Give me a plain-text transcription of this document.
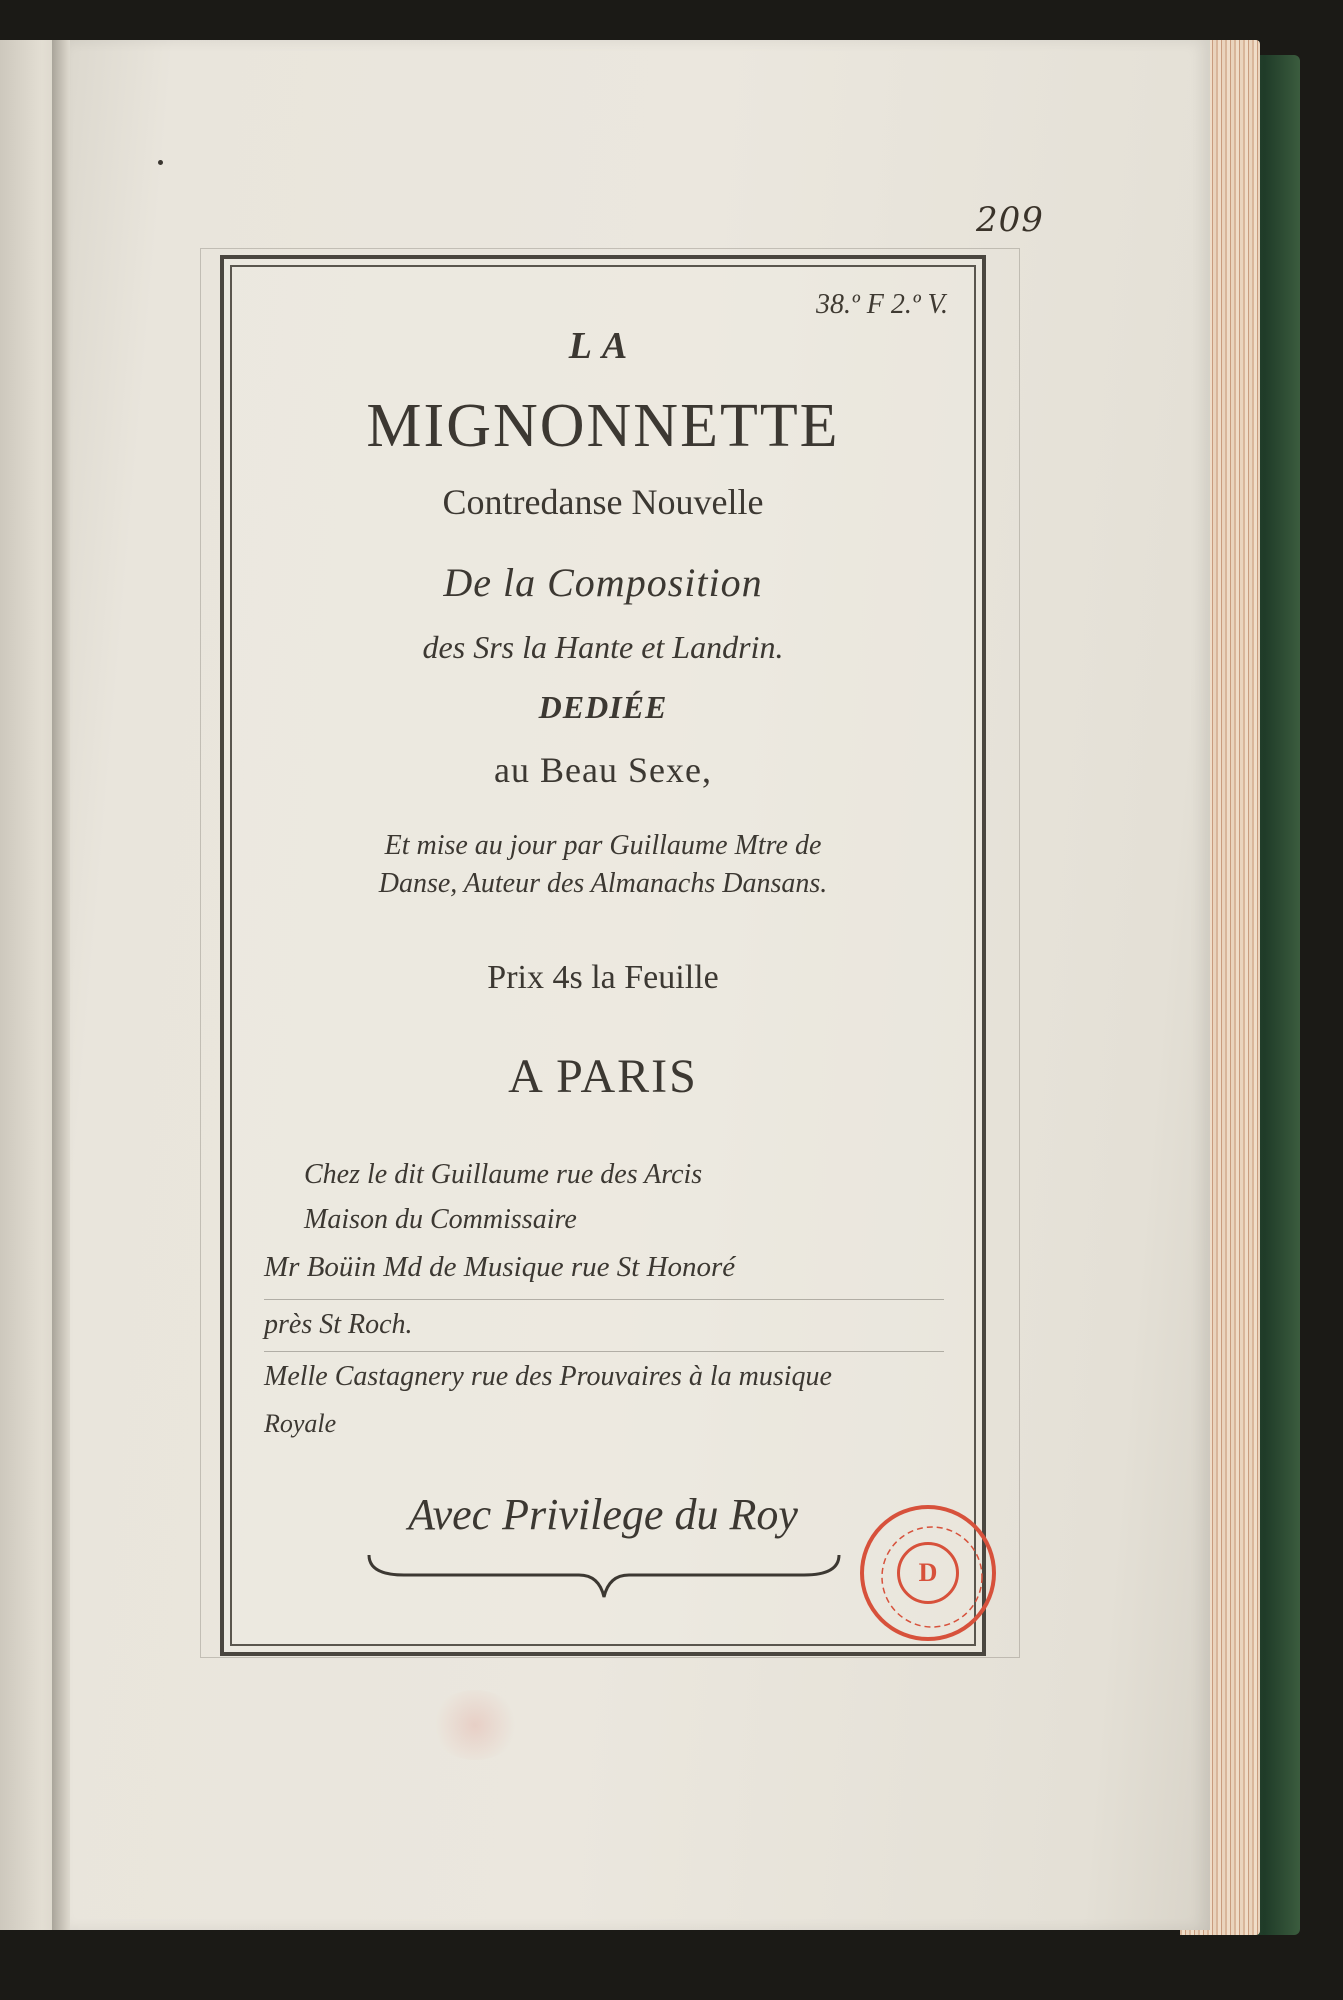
209
38.º F 2.º V.
LA
MIGNONNETTE
Contredanse Nouvelle
De la Composition
des Srs la Hante et Landrin.
DEDIÉE
au Beau Sexe,
Et mise au jour par Guillaume Mtre de
Danse, Auteur des Almanachs Dansans.
Prix 4s la Feuille
A PARIS
Chez le dit Guillaume rue des Arcis
Maison du Commissaire
Mr Boüin Md de Musique rue St Honoré
près St Roch.
Melle Castagnery rue des Prouvaires à la musique
Royale
Avec Privilege du Roy
D
